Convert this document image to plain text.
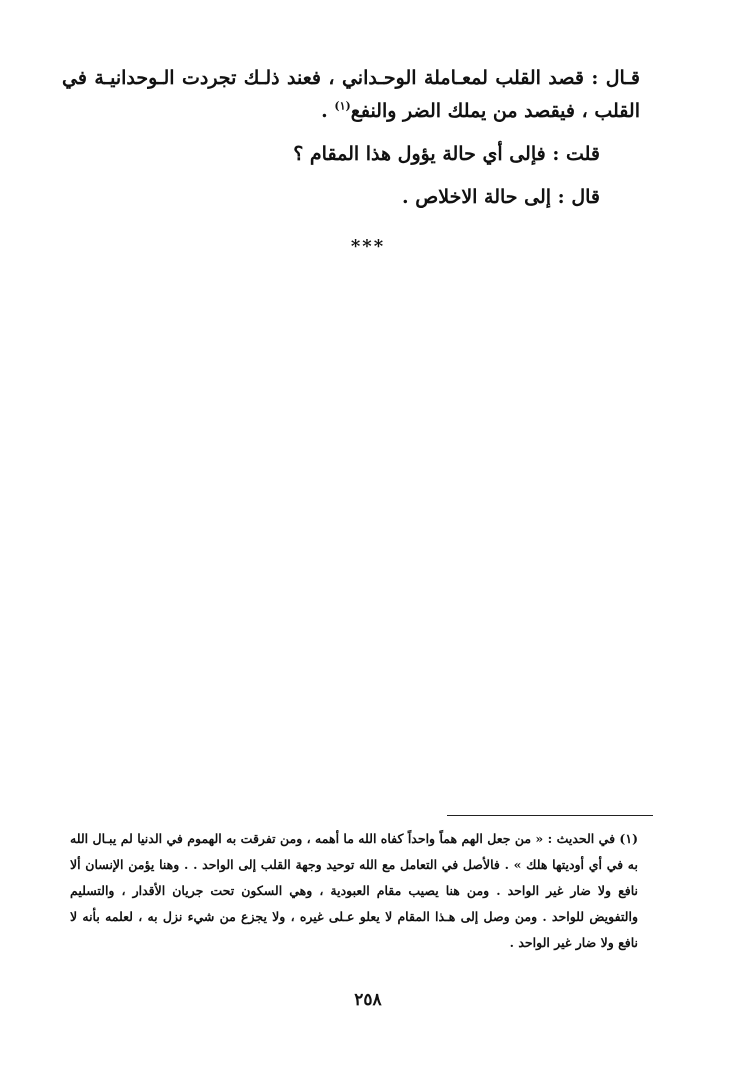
قـال : قصد القلب لمعـاملة الوحـداني ، فعند ذلـك تجردت الـوحدانيـة في القلب ، فيقصد من يملك الضر والنفع$^{(١)}$ .

قلت : فإلى أي حالة يؤول هذا المقام ؟

قال : إلى حالة الاخلاص .

***

(١) في الحديث : « من جعل الهم هماً واحداً كفاه الله ما أهمه ، ومن تفرقت به الهموم في الدنيا لم يبـال الله به في أي أوديتها هلك » . فالأصل في التعامل مع الله توحيد وجهة القلب إلى الواحد . . وهنا يؤمن الإنسان ألا نافع ولا ضار غير الواحد . ومن هنا يصيب مقام العبودية ، وهي السكون تحت جريان الأقدار ، والتسليم والتفويض للواحد . ومن وصل إلى هـذا المقام لا يعلو عـلى غيره ، ولا يجزع من شيء نزل به ، لعلمه بأنه لا نافع ولا ضار غير الواحد .

٢٥٨
